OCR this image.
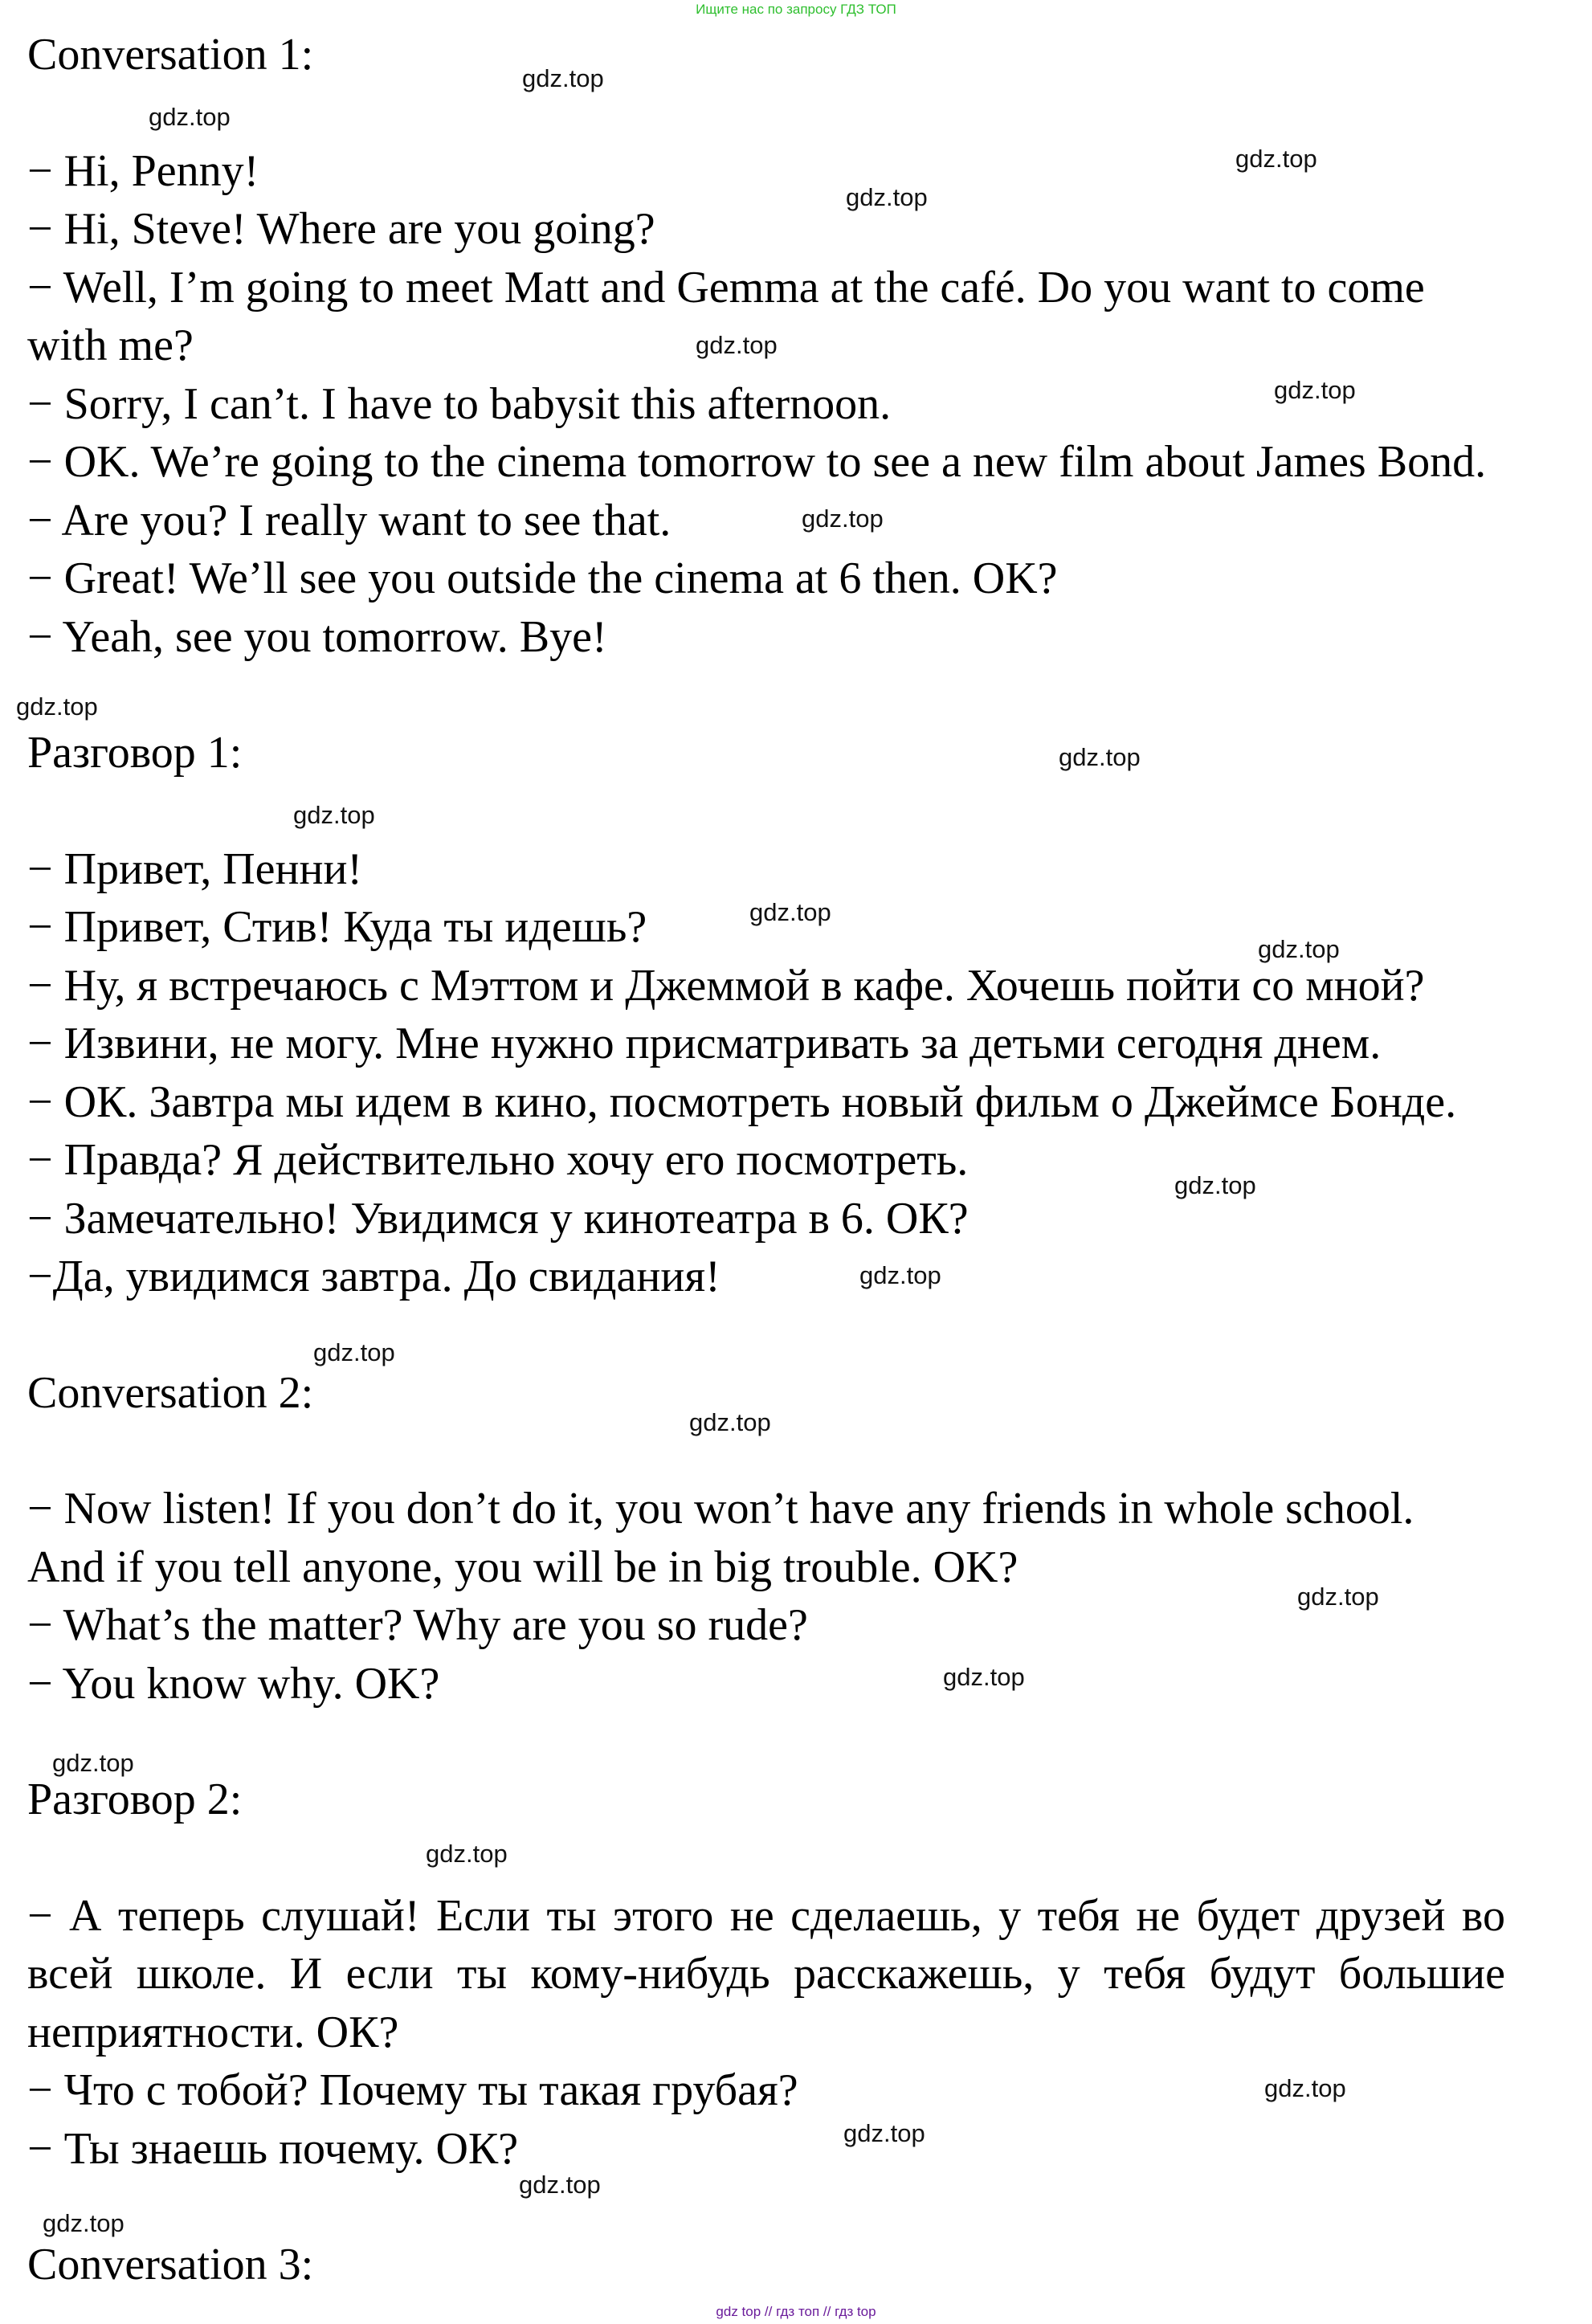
Ищите нас по запросу ГДЗ ТОП

Conversation 1:

− Hi, Penny!

− Hi, Steve! Where are you going?

− Well, I’m going to meet Matt and Gemma at the café. Do you want to come

with me?

− Sorry, I can’t. I have to babysit this afternoon.

− OK. We’re going to the cinema tomorrow to see a new film about James Bond.

− Are you? I really want to see that.

− Great! We’ll see you outside the cinema at 6 then. OK?

− Yeah, see you tomorrow. Bye!

Разговор 1:

− Привет, Пенни!

− Привет, Стив! Куда ты идешь?

− Ну, я встречаюсь с Мэттом и Джеммой в кафе. Хочешь пойти со мной?

− Извини, не могу. Мне нужно присматривать за детьми сегодня днем.

− ОК. Завтра мы идем в кино, посмотреть новый фильм о Джеймсе Бонде.

− Правда? Я действительно хочу его посмотреть.

− Замечательно! Увидимся у кинотеатра в 6. ОК?

−Да, увидимся завтра. До свидания!

Conversation 2:

− Now listen! If you don’t do it, you won’t have any friends in whole school.

And if you tell anyone, you will be in big trouble. OK?

− What’s the matter? Why are you so rude?

− You know why. OK?

Разговор 2:

− А теперь слушай! Если ты этого не сделаешь, у тебя не будет друзей во всей школе. И если ты кому-нибудь расскажешь, у тебя будут большие неприятности. ОК?

− Что с тобой? Почему ты такая грубая?

− Ты знаешь почему. ОК?

Conversation 3:

gdz.top
gdz.top
gdz.top
gdz.top
gdz.top
gdz.top
gdz.top
gdz.top
gdz.top
gdz.top
gdz.top
gdz.top
gdz.top
gdz.top
gdz.top
gdz.top
gdz.top
gdz.top
gdz.top
gdz.top
gdz.top
gdz.top
gdz.top
gdz.top
gdz top // гдз топ // гдз top
